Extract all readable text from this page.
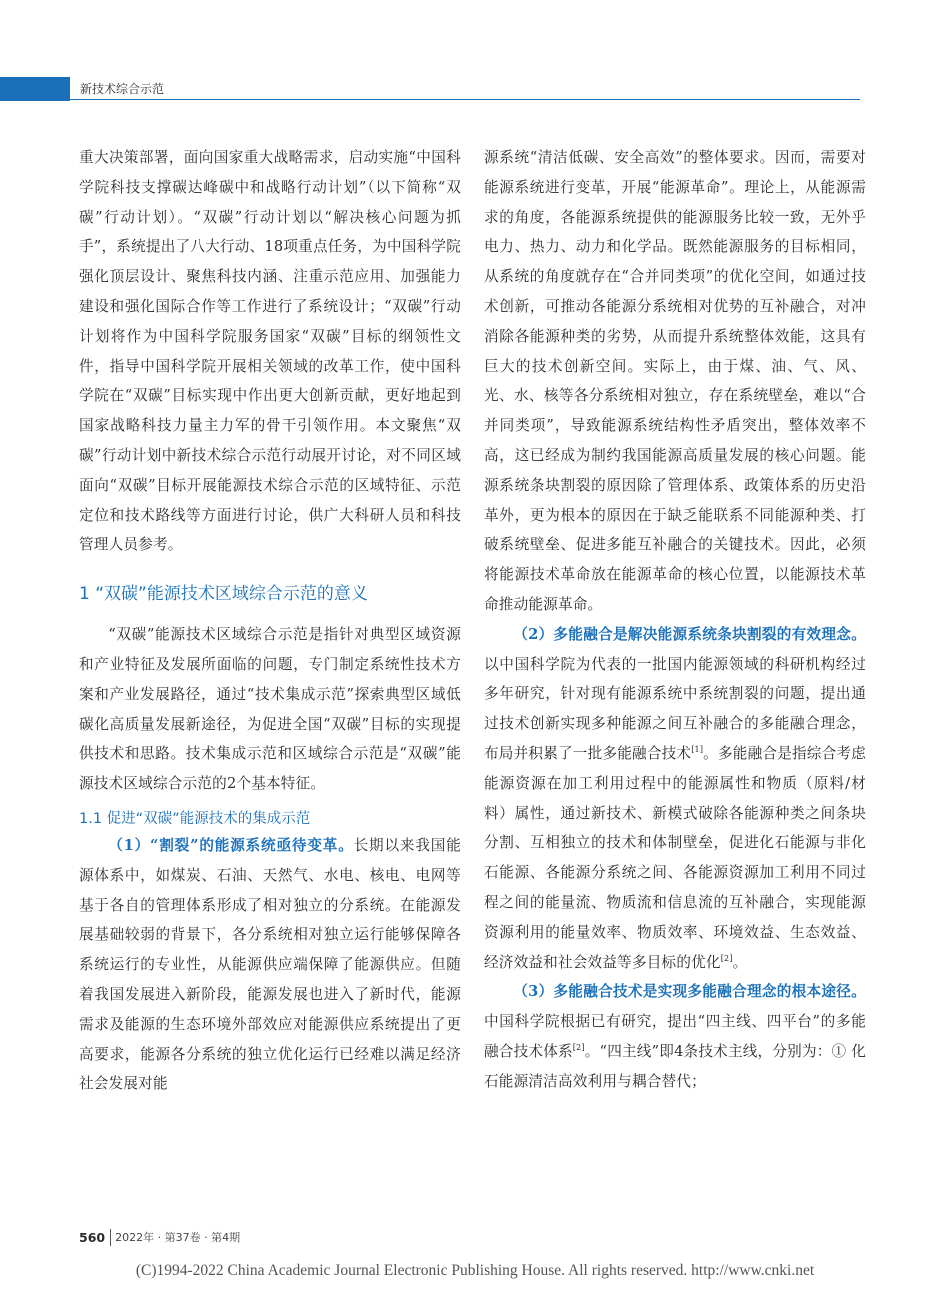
新技术综合示范

重大决策部署，面向国家重大战略需求，启动实施“中国科学院科技支撑碳达峰碳中和战略行动计划”（以下简称“双碳”行动计划）。“双碳”行动计划以“解决核心问题为抓手”，系统提出了八大行动、18项重点任务，为中国科学院强化顶层设计、聚焦科技内涵、注重示范应用、加强能力建设和强化国际合作等工作进行了系统设计；“双碳”行动计划将作为中国科学院服务国家“双碳”目标的纲领性文件，指导中国科学院开展相关领域的改革工作，使中国科学院在“双碳”目标实现中作出更大创新贡献，更好地起到国家战略科技力量主力军的骨干引领作用。本文聚焦“双碳”行动计划中新技术综合示范行动展开讨论，对不同区域面向“双碳”目标开展能源技术综合示范的区域特征、示范定位和技术路线等方面进行讨论，供广大科研人员和科技管理人员参考。

1 “双碳”能源技术区域综合示范的意义

“双碳”能源技术区域综合示范是指针对典型区域资源和产业特征及发展所面临的问题，专门制定系统性技术方案和产业发展路径，通过“技术集成示范”探索典型区域低碳化高质量发展新途径，为促进全国“双碳”目标的实现提供技术和思路。技术集成示范和区域综合示范是“双碳”能源技术区域综合示范的2个基本特征。

1.1 促进“双碳”能源技术的集成示范

（1）“割裂”的能源系统亟待变革。长期以来我国能源体系中，如煤炭、石油、天然气、水电、核电、电网等基于各自的管理体系形成了相对独立的分系统。在能源发展基础较弱的背景下，各分系统相对独立运行能够保障各系统运行的专业性，从能源供应端保障了能源供应。但随着我国发展进入新阶段，能源发展也进入了新时代，能源需求及能源的生态环境外部效应对能源供应系统提出了更高要求，能源各分系统的独立优化运行已经难以满足经济社会发展对能

源系统“清洁低碳、安全高效”的整体要求。因而，需要对能源系统进行变革，开展“能源革命”。理论上，从能源需求的角度，各能源系统提供的能源服务比较一致，无外乎电力、热力、动力和化学品。既然能源服务的目标相同，从系统的角度就存在“合并同类项”的优化空间，如通过技术创新，可推动各能源分系统相对优势的互补融合，对冲消除各能源种类的劣势，从而提升系统整体效能，这具有巨大的技术创新空间。实际上，由于煤、油、气、风、光、水、核等各分系统相对独立，存在系统壁垒，难以“合并同类项”，导致能源系统结构性矛盾突出，整体效率不高，这已经成为制约我国能源高质量发展的核心问题。能源系统条块割裂的原因除了管理体系、政策体系的历史沿革外，更为根本的原因在于缺乏能联系不同能源种类、打破系统壁垒、促进多能互补融合的关键技术。因此，必须将能源技术革命放在能源革命的核心位置，以能源技术革命推动能源革命。

（2）多能融合是解决能源系统条块割裂的有效理念。以中国科学院为代表的一批国内能源领域的科研机构经过多年研究，针对现有能源系统中系统割裂的问题，提出通过技术创新实现多种能源之间互补融合的多能融合理念，布局并积累了一批多能融合技术[1]。多能融合是指综合考虑能源资源在加工利用过程中的能源属性和物质（原料/材料）属性，通过新技术、新模式破除各能源种类之间条块分割、互相独立的技术和体制壁垒，促进化石能源与非化石能源、各能源分系统之间、各能源资源加工利用不同过程之间的能量流、物质流和信息流的互补融合，实现能源资源利用的能量效率、物质效率、环境效益、生态效益、经济效益和社会效益等多目标的优化[2]。

（3）多能融合技术是实现多能融合理念的根本途径。中国科学院根据已有研究，提出“四主线、四平台”的多能融合技术体系[2]。“四主线”即4条技术主线，分别为：① 化石能源清洁高效利用与耦合替代；

560 2022年 · 第37卷 · 第4期
(C)1994-2022 China Academic Journal Electronic Publishing House. All rights reserved. http://www.cnki.net
